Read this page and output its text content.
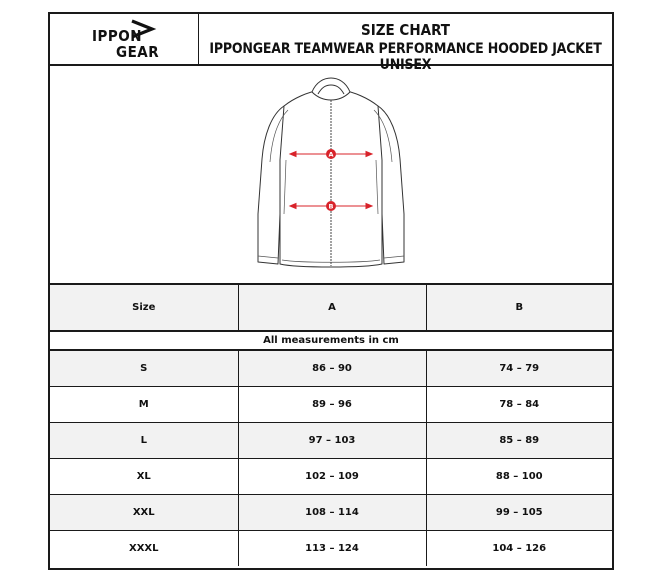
IPPON
GEAR
SIZE CHART
IPPONGEAR TEAMWEAR PERFORMANCE HOODED JACKET UNISEX
A
B
Size	A	B
All measurements in cm		
S	86 – 90	74 – 79
M	89 – 96	78 – 84
L	97 – 103	85 – 89
XL	102 – 109	88 – 100
XXL	108 – 114	99 – 105
XXXL	113 – 124	104 – 126
